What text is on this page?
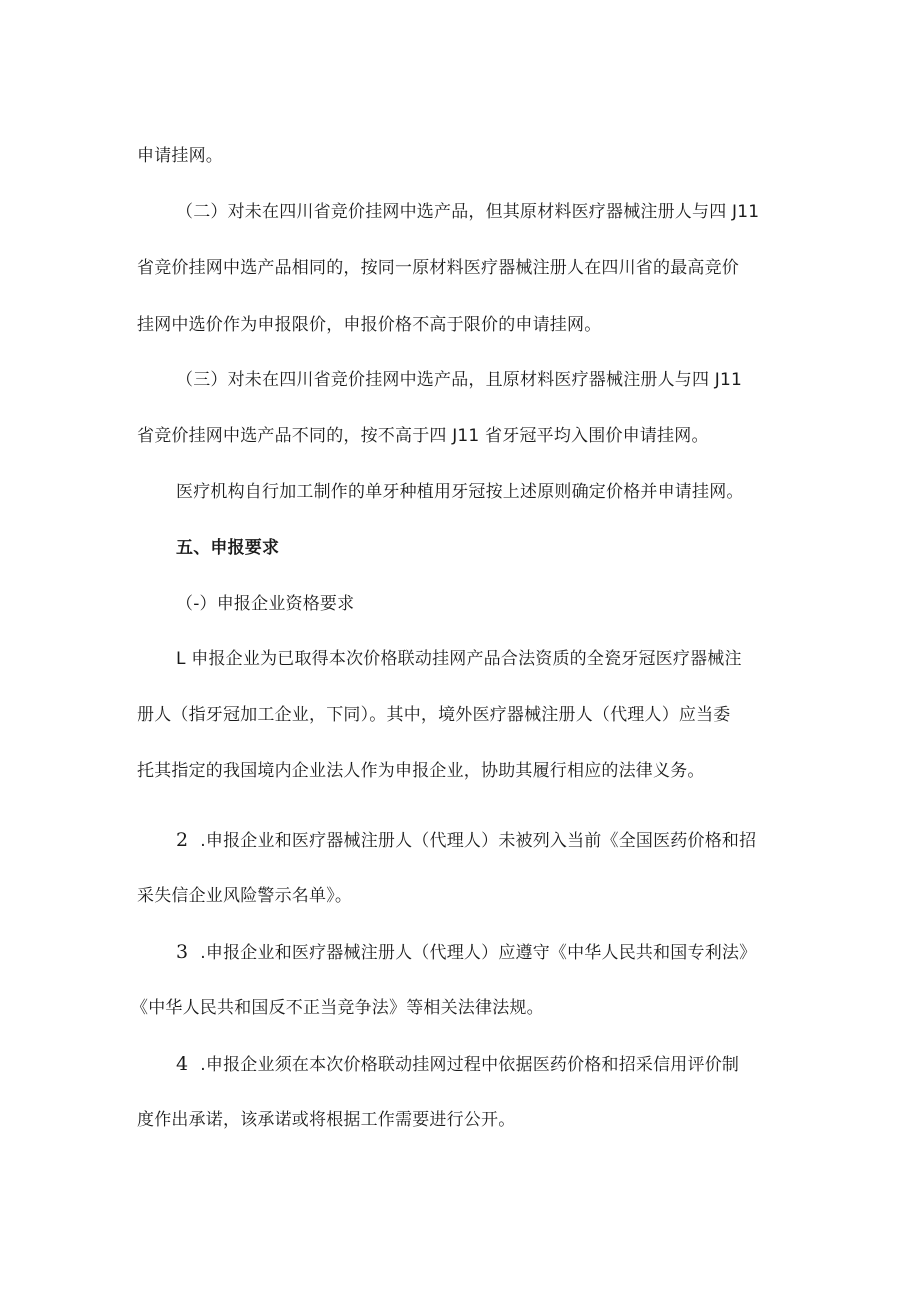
申请挂网。
（二）对未在四川省竞价挂网中选产品，但其原材料医疗器械注册人与四 J11
省竞价挂网中选产品相同的，按同一原材料医疗器械注册人在四川省的最高竞价
挂网中选价作为申报限价，申报价格不高于限价的申请挂网。
（三）对未在四川省竞价挂网中选产品，且原材料医疗器械注册人与四 J11
省竞价挂网中选产品不同的，按不高于四 J11 省牙冠平均入围价申请挂网。
医疗机构自行加工制作的单牙种植用牙冠按上述原则确定价格并申请挂网。
五、申报要求
（-）申报企业资格要求
L 申报企业为已取得本次价格联动挂网产品合法资质的全瓷牙冠医疗器械注
册人（指牙冠加工企业，下同）。其中，境外医疗器械注册人（代理人）应当委
托其指定的我国境内企业法人作为申报企业，协助其履行相应的法律义务。
2 .申报企业和医疗器械注册人（代理人）未被列入当前《全国医药价格和招
采失信企业风险警示名单》。
3 .申报企业和医疗器械注册人（代理人）应遵守《中华人民共和国专利法》
《中华人民共和国反不正当竞争法》等相关法律法规。
4 .申报企业须在本次价格联动挂网过程中依据医药价格和招采信用评价制
度作出承诺，该承诺或将根据工作需要进行公开。
